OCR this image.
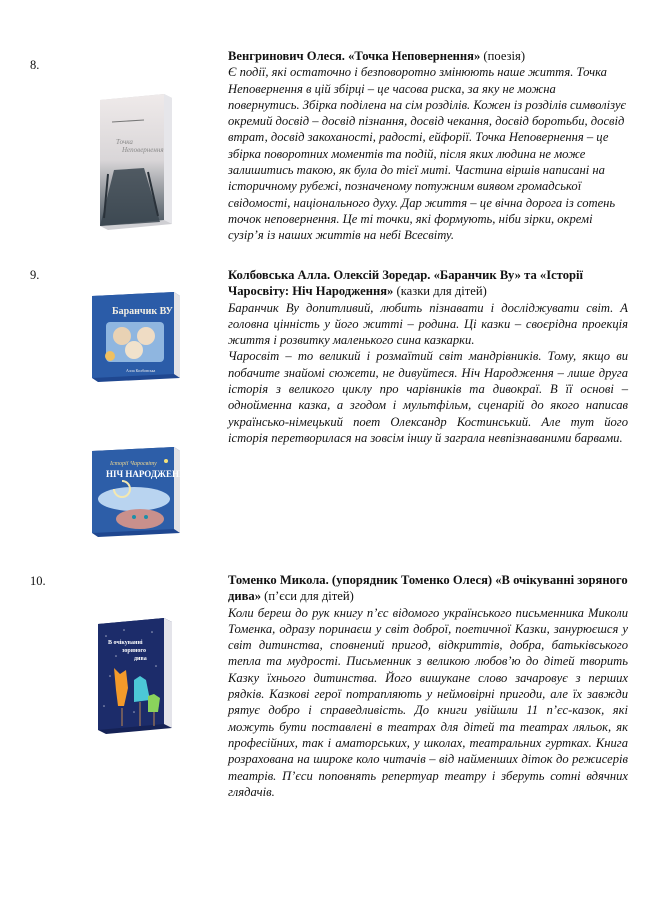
8.
Точка
Неповернення
Венгринович Олеся. «Точка Неповернення» (поезія)

Є події, які остаточно і безповоротно змінюють наше життя. Точка Неповернення в цій збірці – це часова риска, за яку не можна повернутись. Збірка поділена на сім розділів. Кожен із розділів символізує окремий досвід – досвід пізнання, досвід чекання, досвід боротьби, досвід втрат, досвід закоханості, радості, ейфорії. Точка Неповернення – це збірка поворотних моментів та подій, після яких людина не може залишитись такою, як була до тієї миті. Частина віршів написані на історичному рубежі, позначеному потужним виявом громадської свідомості, національного духу. Дар життя – це вічна дорога із сотень точок неповернення. Це ті точки, які формують, ніби зірки, окремі сузір’я із наших життів на небі Всесвіту.

9.
Баранчик ВУ
Алла Колбовська
Історії Чаросвіту
НІЧ НАРОДЖЕННЯ
Колбовська Алла. Олексій Зоредар. «Баранчик Ву» та «Історії Чаросвіту: Ніч Народження» (казки для дітей)

Баранчик Ву допитливий, любить пізнавати і досліджувати світ. А головна цінність у його житті – родина. Ці казки – своєрідна проекція життя і розвитку маленького сина казкарки.

Чаросвіт – то великий і розмаїтий світ мандрівників. Тому, якщо ви побачите знайомі сюжети, не дивуйтеся. Ніч Народження – лише друга історія з великого циклу про чарівників та дивокраї. В її основі – однойменна казка, а згодом і мультфільм, сценарій до якого написав українсько-німецький поет Олександр Костинський. Але тут його історія перетворилася на зовсім іншу й заграла невпізнаваними барвами.

10.
В очікуванні
зоряного
дива
Томенко Микола. (упорядник Томенко Олеся) «В очікуванні зоряного дива» (п’єси для дітей)

Коли береш до рук книгу п’єс відомого українського письменника Миколи Томенка, одразу поринаєш у світ доброї, поетичної Казки, занурюєшся у світ дитинства, сповнений пригод, відкриттів, добра, батьківського тепла та мудрості. Письменник з великою любов’ю до дітей творить Казку їхнього дитинства. Його вишукане слово зачаровує з перших рядків. Казкові герої потрапляють у неймовірні пригоди, але їх завжди рятує добро і справедливість. До книги увійшли 11 п’єс-казок, які можуть бути поставлені в театрах для дітей та театрах ляльок, як професійних, так і аматорських, у школах, театральних гуртках. Книга розрахована на широке коло читачів – від найменших діток до режисерів театрів. П’єси поповнять репертуар театру і зберуть сотні вдячних глядачів.
